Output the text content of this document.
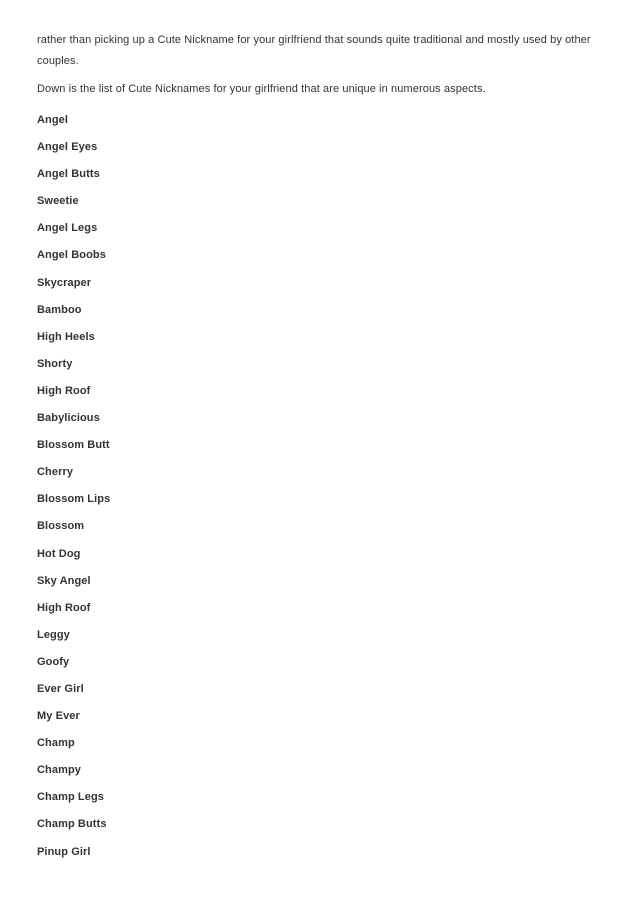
rather than picking up a Cute Nickname for your girlfriend that sounds quite traditional and mostly used by other couples.

Down is the list of Cute Nicknames for your girlfriend that are unique in numerous aspects.

Angel
Angel Eyes
Angel Butts
Sweetie
Angel Legs
Angel Boobs
Skycraper
Bamboo
High Heels
Shorty
High Roof
Babylicious
Blossom Butt
Cherry
Blossom Lips
Blossom
Hot Dog
Sky Angel
High Roof
Leggy
Goofy
Ever Girl
My Ever
Champ
Champy
Champ Legs
Champ Butts
Pinup Girl
